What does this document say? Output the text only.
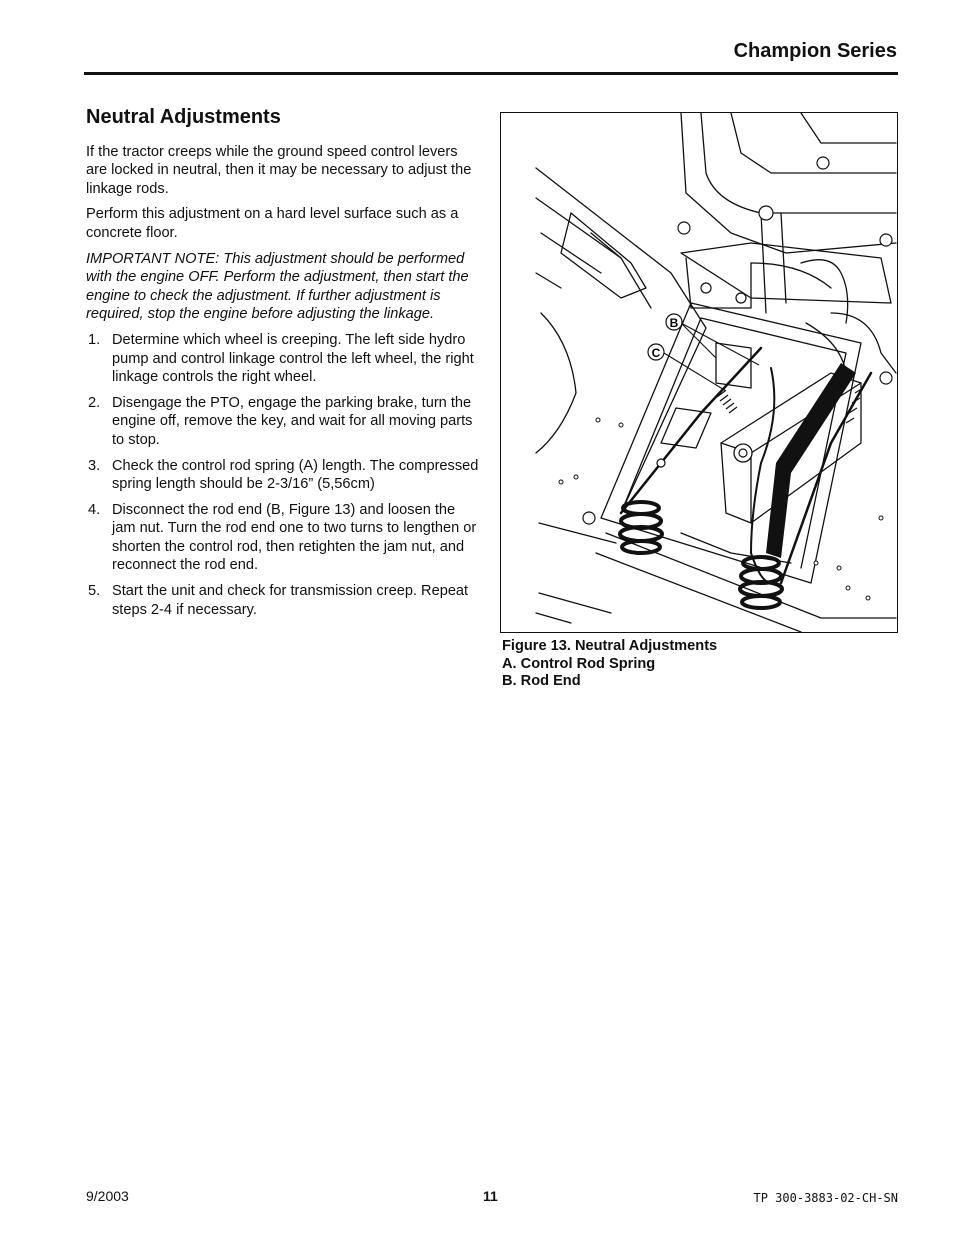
Champion Series
Neutral Adjustments

If the tractor creeps while the ground speed control levers are locked in neutral, then it may be necessary to adjust the linkage rods.

Perform this adjustment on a hard level surface such as a concrete floor.

IMPORTANT NOTE: This adjustment should be performed with the engine OFF. Perform the adjustment, then start the engine to check the adjustment. If further adjustment is required, stop the engine before adjusting the linkage.

1. Determine which wheel is creeping. The left side hydro pump and control linkage control the left wheel, the right linkage controls the right wheel.
2. Disengage the PTO, engage the parking brake, turn the engine off, remove the key, and wait for all moving parts to stop.
3. Check the control rod spring (A) length. The compressed spring length should be 2-3/16” (5,56cm)
4. Disconnect the rod end (B, Figure 13) and loosen the jam nut. Turn the rod end one to two turns to lengthen or shorten the control rod, then retighten the jam nut, and reconnect the rod end.
5. Start the unit and check for transmission creep. Repeat steps 2-4 if necessary.
B
C
Figure 13. Neutral Adjustments
A. Control Rod Spring
B. Rod End
9/2003	11	TP 300-3883-02-CH-SN
